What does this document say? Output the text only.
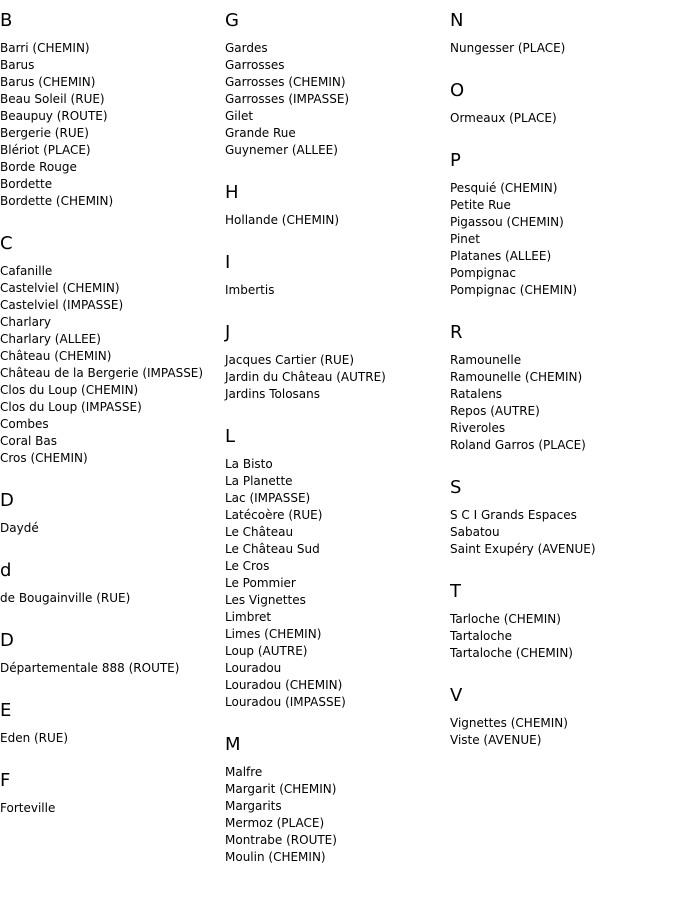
B
Barri (CHEMIN)
Barus
Barus (CHEMIN)
Beau Soleil (RUE)
Beaupuy (ROUTE)
Bergerie (RUE)
Blériot (PLACE)
Borde Rouge
Bordette
Bordette (CHEMIN)
C
Cafanille
Castelviel (CHEMIN)
Castelviel (IMPASSE)
Charlary
Charlary (ALLEE)
Château (CHEMIN)
Château de la Bergerie (IMPASSE)
Clos du Loup (CHEMIN)
Clos du Loup (IMPASSE)
Combes
Coral Bas
Cros (CHEMIN)
D
Daydé
d
de Bougainville (RUE)
D
Départementale 888 (ROUTE)
E
Eden (RUE)
F
Forteville
G
Gardes
Garrosses
Garrosses (CHEMIN)
Garrosses (IMPASSE)
Gilet
Grande Rue
Guynemer (ALLEE)
H
Hollande (CHEMIN)
I
Imbertis
J
Jacques Cartier (RUE)
Jardin du Château (AUTRE)
Jardins Tolosans
L
La Bisto
La Planette
Lac (IMPASSE)
Latécoère (RUE)
Le Château
Le Château Sud
Le Cros
Le Pommier
Les Vignettes
Limbret
Limes (CHEMIN)
Loup (AUTRE)
Louradou
Louradou (CHEMIN)
Louradou (IMPASSE)
M
Malfre
Margarit (CHEMIN)
Margarits
Mermoz (PLACE)
Montrabe (ROUTE)
Moulin (CHEMIN)
N
Nungesser (PLACE)
O
Ormeaux (PLACE)
P
Pesquié (CHEMIN)
Petite Rue
Pigassou (CHEMIN)
Pinet
Platanes (ALLEE)
Pompignac
Pompignac (CHEMIN)
R
Ramounelle
Ramounelle (CHEMIN)
Ratalens
Repos (AUTRE)
Riveroles
Roland Garros (PLACE)
S
S C I Grands Espaces
Sabatou
Saint Exupéry (AVENUE)
T
Tarloche (CHEMIN)
Tartaloche
Tartaloche (CHEMIN)
V
Vignettes (CHEMIN)
Viste (AVENUE)
